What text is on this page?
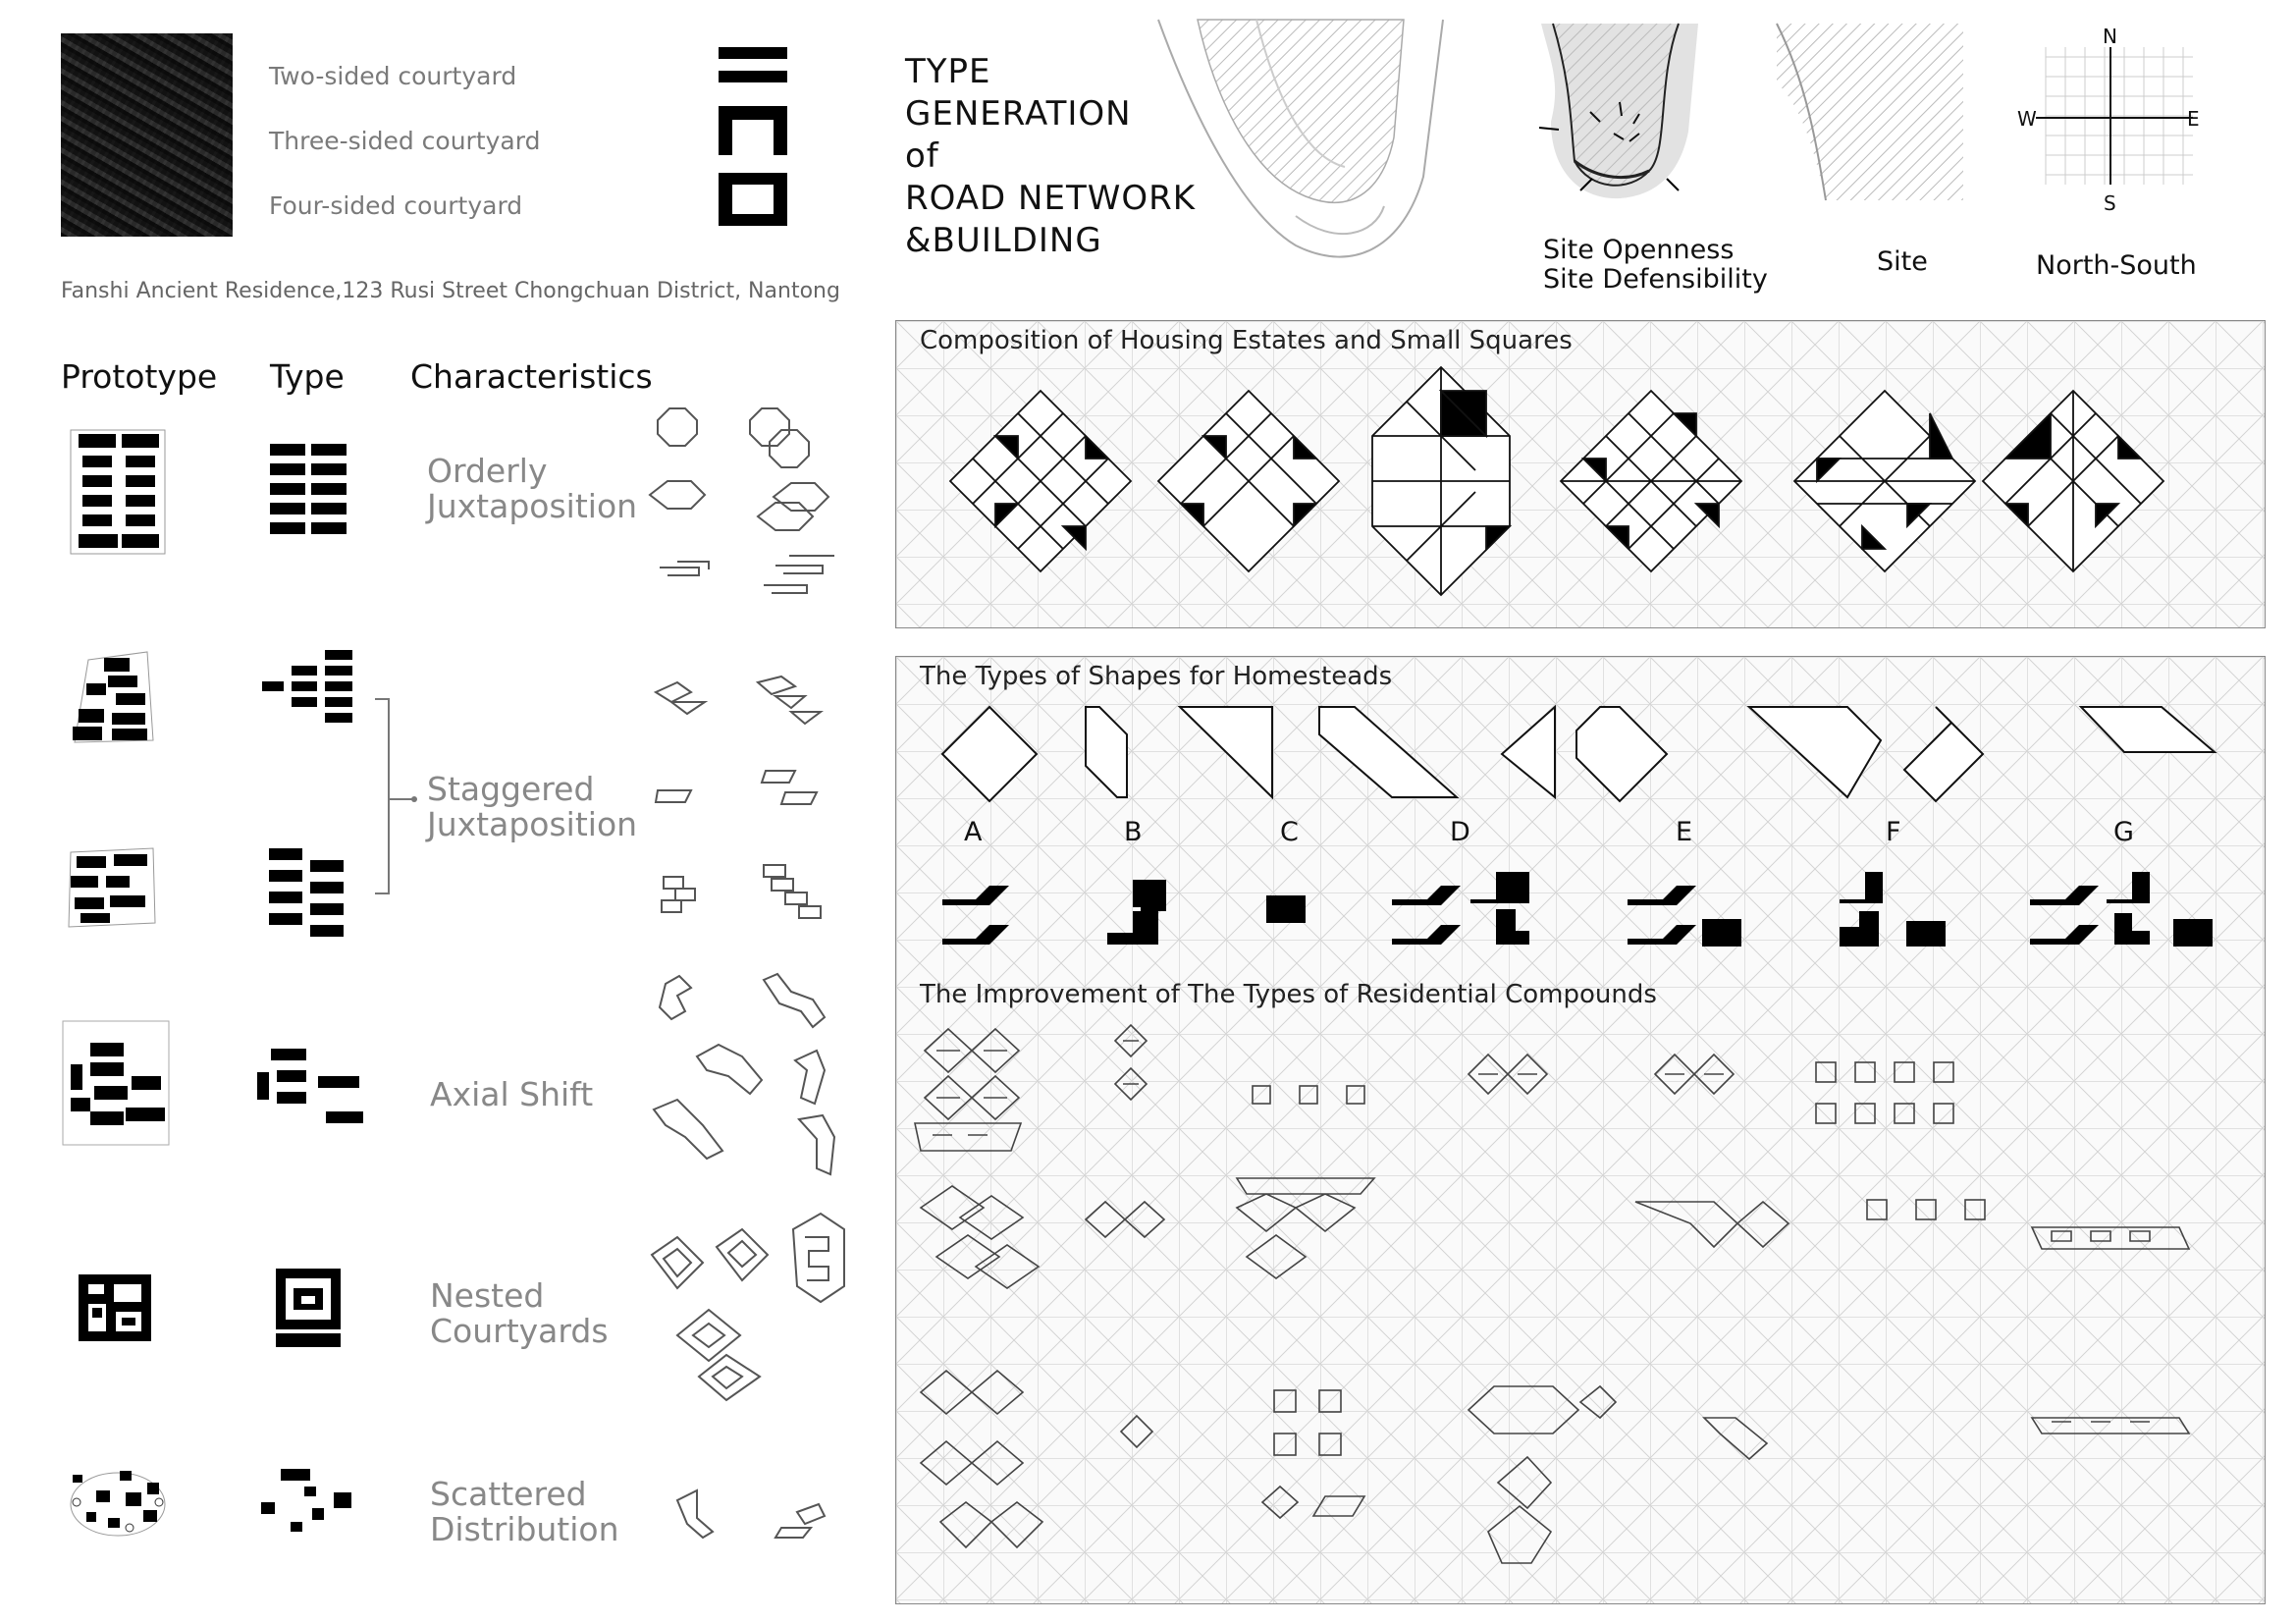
Two-sided courtyard
Three-sided courtyard
Four-sided courtyard
Fanshi Ancient Residence,123 Rusi Street Chongchuan District, Nantong
Prototype Type Characteristics
Orderly
Juxtaposition
Staggered
Juxtaposition
Axial Shift
Nested
Courtyards
Scattered
Distribution
TYPE
GENERATION
of
ROAD NETWORK
&BUILDING
N
S
W	E
Site Openness
Site Defensibility
Site	North-South
Composition of Housing Estates and Small Squares
The Types of Shapes for Homesteads
A	B	C	D	E	F	G
The Improvement of The Types of Residential Compounds
